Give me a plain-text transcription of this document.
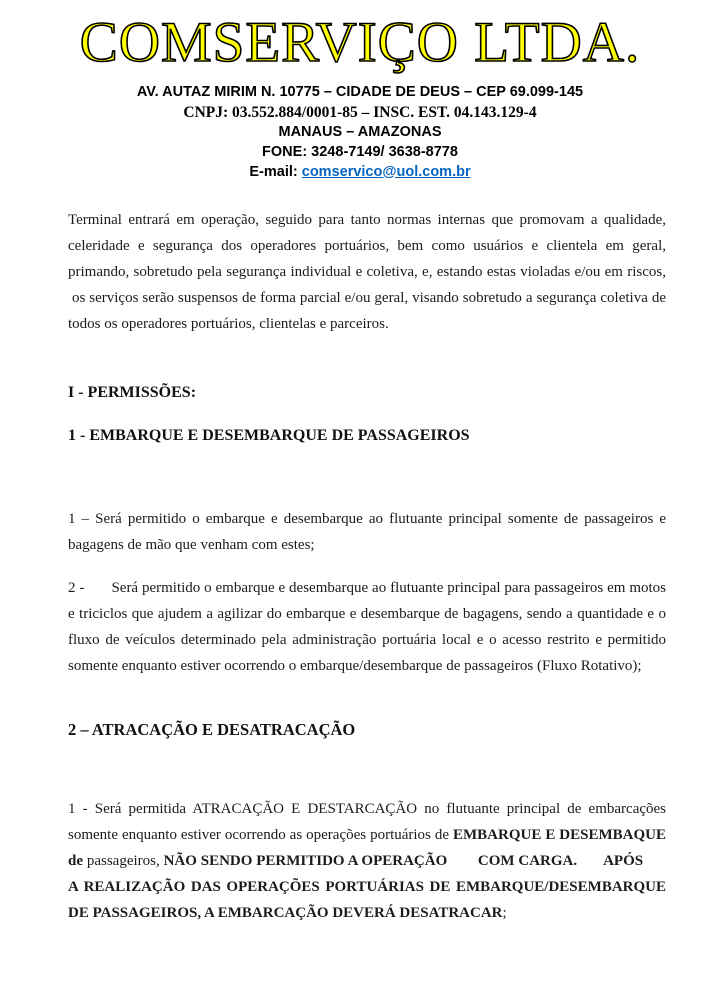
COMSERVIÇO LTDA.
AV. AUTAZ MIRIM N. 10775 – CIDADE DE DEUS – CEP 69.099-145
CNPJ: 03.552.884/0001-85 – INSC. EST. 04.143.129-4
MANAUS – AMAZONAS
FONE: 3248-7149/ 3638-8778
E-mail: comservico@uol.com.br

Terminal entrará em operação, seguido para tanto normas internas que promovam a qualidade, celeridade e segurança dos operadores portuários, bem como usuários e clientela em geral, primando, sobretudo pela segurança individual e coletiva, e, estando estas violadas e/ou em riscos,  os serviços serão suspensos de forma parcial e/ou geral, visando sobretudo a segurança coletiva de todos os operadores portuários, clientelas e parceiros.

I - PERMISSÕES:

1 - EMBARQUE E DESEMBARQUE DE PASSAGEIROS

1 – Será permitido o embarque e desembarque ao flutuante principal somente de passageiros e bagagens de mão que venham com estes;

2 -       Será permitido o embarque e desembarque ao flutuante principal para passageiros em motos e triciclos que ajudem a agilizar do embarque e desembarque de bagagens, sendo a quantidade e o fluxo de veículos determinado pela administração portuária local e o acesso restrito e permitido somente enquanto estiver ocorrendo o embarque/desembarque de passageiros (Fluxo Rotativo);

2 – ATRACAÇÃO E DESATRACAÇÃO

1 - Será permitida ATRACAÇÃO E DESTARCAÇÃO no flutuante principal de embarcações somente enquanto estiver ocorrendo as operações portuários de EMBARQUE E DESEMBAQUE de passageiros, NÃO SENDO PERMITIDO A OPERAÇÃO        COM CARGA.       APÓS       A REALIZAÇÃO DAS OPERAÇÕES PORTUÁRIAS DE EMBARQUE/DESEMBARQUE DE PASSAGEIROS, A EMBARCAÇÃO DEVERÁ DESATRACAR;
